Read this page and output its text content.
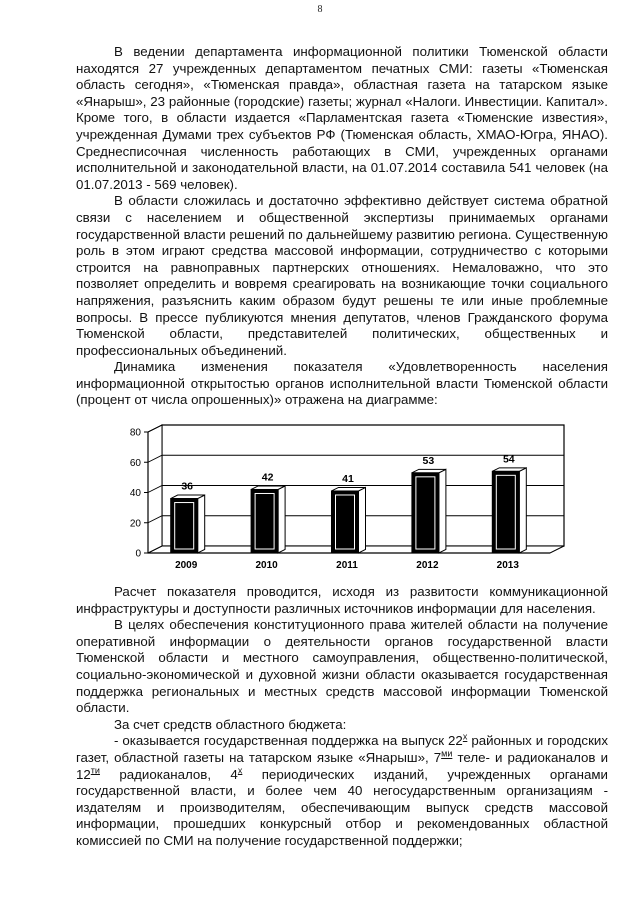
8

В ведении департамента информационной политики Тюменской области находятся 27 учрежденных департаментом печатных СМИ: газеты «Тюменская область сегодня», «Тюменская правда», областная газета на татарском языке «Янарыш», 23 районные (городские) газеты; журнал «Налоги. Инвестиции. Капитал». Кроме того, в области издается «Парламентская газета «Тюменские известия», учрежденная Думами трех субъектов РФ (Тюменская область, ХМАО-Югра, ЯНАО). Среднесписочная численность работающих в СМИ, учрежденных органами исполнительной и законодательной власти, на 01.07.2014 составила 541 человек (на 01.07.2013 - 569 человек).

В области сложилась и достаточно эффективно действует система обратной связи с населением и общественной экспертизы принимаемых органами государственной власти решений по дальнейшему развитию региона. Существенную роль в этом играют средства массовой информации, сотрудничество с которыми строится на равноправных партнерских отношениях. Немаловажно, что это позволяет определить и вовремя среагировать на возникающие точки социального напряжения, разъяснить каким образом будут решены те или иные проблемные вопросы. В прессе публикуются мнения депутатов, членов Гражданского форума Тюменской области, представителей политических, общественных и профессиональных объединений.

Динамика изменения показателя «Удовлетворенность населения информационной открытостью органов исполнительной власти Тюменской области (процент от числа опрошенных)» отражена на диаграмме:

0
20
40
60
80
36
2009
42
2010
41
2011
53
2012
54
2013

Расчет показателя проводится, исходя из развитости коммуникационной инфраструктуры и доступности различных источников информации для населения.

В целях обеспечения конституционного права жителей области на получение оперативной информации о деятельности органов государственной власти Тюменской области и местного самоуправления, общественно-политической, социально-экономической и духовной жизни области оказывается государственная поддержка региональных и местных средств массовой информации Тюменской области.

За счет средств областного бюджета:

- оказывается государственная поддержка на выпуск $22^х$ районных и городских газет, областной газеты на татарском языке «Янарыш», $7^{ми}$ теле- и радиоканалов и $12^{ти}$ радиоканалов, $4^х$ периодических изданий, учрежденных органами государственной власти, и более чем 40 негосударственным организациям - издателям и производителям, обеспечивающим выпуск средств массовой информации, прошедших конкурсный отбор и рекомендованных областной комиссией по СМИ на получение государственной поддержки;
